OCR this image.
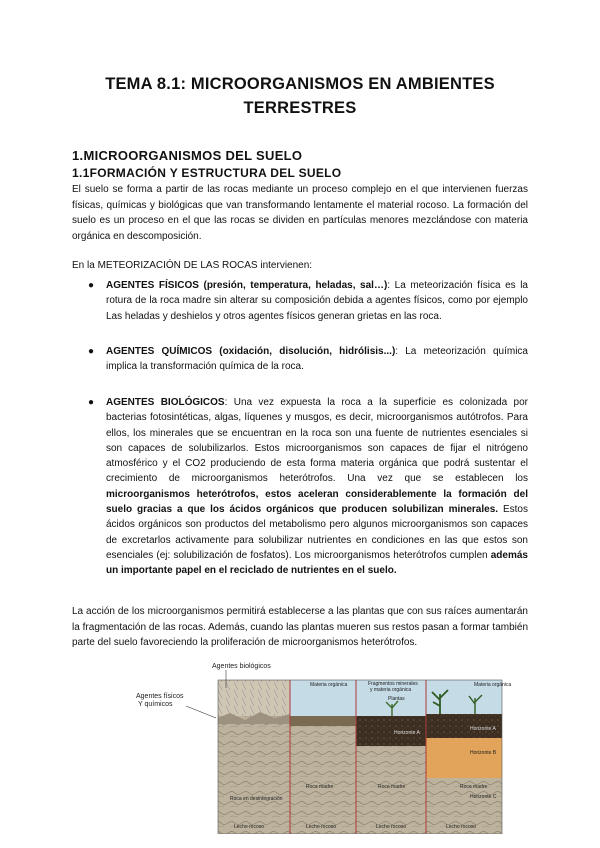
TEMA 8.1: MICROORGANISMOS EN AMBIENTES
TERRESTRES
1.MICROORGANISMOS DEL SUELO
1.1FORMACIÓN Y ESTRUCTURA DEL SUELO
El suelo se forma a partir de las rocas mediante un proceso complejo en el que intervienen fuerzas físicas, químicas y biológicas que van transformando lentamente el material rocoso. La formación del suelo es un proceso en el que las rocas se dividen en partículas menores mezclándose con materia orgánica en descomposición.
En la METEORIZACIÓN DE LAS ROCAS intervienen:
● AGENTES FÍSICOS (presión, temperatura, heladas, sal…): La meteorización física es la rotura de la roca madre sin alterar su composición debida a agentes físicos, como por ejemplo Las heladas y deshielos y otros agentes físicos generan grietas en las roca.
● AGENTES QUÍMICOS (oxidación, disolución, hidrólisis...): La meteorización química implica la transformación química de la roca.
● AGENTES BIOLÓGICOS: Una vez expuesta la roca a la superficie es colonizada por bacterias fotosintéticas, algas, líquenes y musgos, es decir, microorganismos autótrofos. Para ellos, los minerales que se encuentran en la roca son una fuente de nutrientes esenciales si son capaces de solubilizarlos. Estos microorganismos son capaces de fijar el nitrógeno atmosférico y el CO2 produciendo de esta forma materia orgánica que podrá sustentar el crecimiento de microorganismos heterótrofos. Una vez que se establecen los microorganismos heterótrofos, estos aceleran considerablemente la formación del suelo gracias a que los ácidos orgánicos que producen solubilizan minerales. Estos ácidos orgánicos son productos del metabolismo pero algunos microorganismos son capaces de excretarlos activamente para solubilizar nutrientes en condiciones en las que estos son esenciales (ej: solubilización de fosfatos). Los microorganismos heterótrofos cumplen además un importante papel en el reciclado de nutrientes en el suelo.
La acción de los microorganismos permitirá establecerse a las plantas que con sus raíces aumentarán la fragmentación de las rocas. Además, cuando las plantas mueren sus restos pasan a formar también parte del suelo favoreciendo la proliferación de microorganismos heterótrofos.
Agentes biológicos
Agentes físicos
Y químicos
Materia orgánica	Fragmentos minerales
y materia orgánica
Plantas
Materia orgánica
Horizonte A
Horizonte A
Horizonte B
Horizonte C
Roca en desintegración
Roca madre	Roca madre	Roca madre
Lecho rocoso	Lecho rocoso	Lecho rocoso	Lecho rocoso
